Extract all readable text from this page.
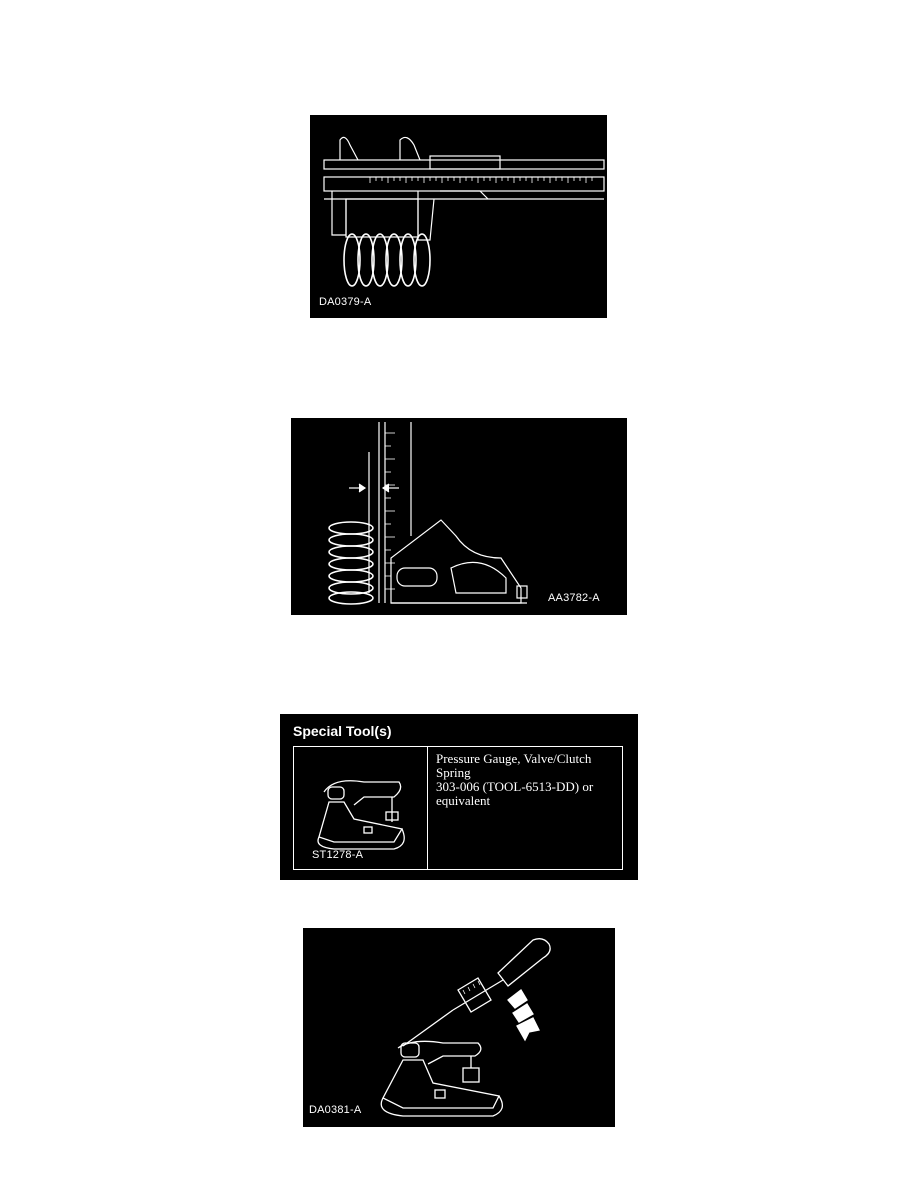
DA0379-A
AA3782-A
Special Tool(s)
ST1278-A
Pressure Gauge, Valve/Clutch
Spring
303-006 (TOOL-6513-DD) or
equivalent
DA0381-A
